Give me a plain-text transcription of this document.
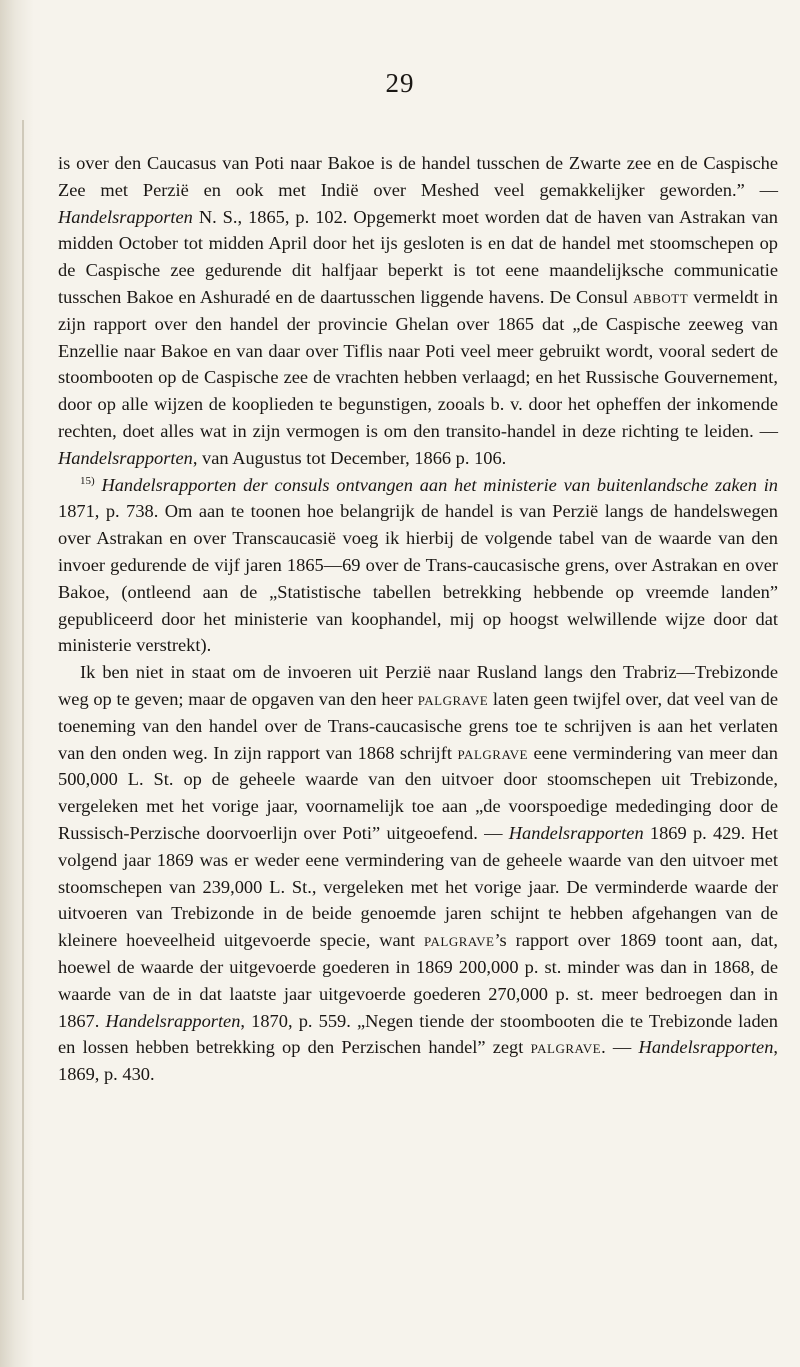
29

is over den Caucasus van Poti naar Bakoe is de handel tusschen de Zwarte zee en de Caspische Zee met Perzië en ook met Indië over Meshed veel gemakkelijker geworden.” — Handelsrapporten N. S., 1865, p. 102. Opgemerkt moet worden dat de haven van Astrakan van midden October tot midden April door het ijs gesloten is en dat de handel met stoomschepen op de Caspische zee gedurende dit halfjaar beperkt is tot eene maandelijksche communicatie tusschen Bakoe en Ashuradé en de daartusschen liggende havens. De Consul abbott vermeldt in zijn rapport over den handel der provincie Ghelan over 1865 dat „de Caspische zeeweg van Enzellie naar Bakoe en van daar over Tiflis naar Poti veel meer gebruikt wordt, vooral sedert de stoombooten op de Caspische zee de vrachten hebben verlaagd; en het Russische Gouvernement, door op alle wijzen de kooplieden te begunstigen, zooals b. v. door het opheffen der inkomende rechten, doet alles wat in zijn vermogen is om den transito-handel in deze richting te leiden. — Handelsrapporten, van Augustus tot December, 1866 p. 106.

$^{15)}$ Handelsrapporten der consuls ontvangen aan het ministerie van buitenlandsche zaken in 1871, p. 738. Om aan te toonen hoe belangrijk de handel is van Perzië langs de handelswegen over Astrakan en over Transcaucasië voeg ik hierbij de volgende tabel van de waarde van den invoer gedurende de vijf jaren 1865—69 over de Trans-caucasische grens, over Astrakan en over Bakoe, (ontleend aan de „Statistische tabellen betrekking hebbende op vreemde landen” gepubliceerd door het ministerie van koophandel, mij op hoogst welwillende wijze door dat ministerie verstrekt).

Ik ben niet in staat om de invoeren uit Perzië naar Rusland langs den Trabriz—Trebizonde weg op te geven; maar de opgaven van den heer palgrave laten geen twijfel over, dat veel van de toeneming van den handel over de Trans-caucasische grens toe te schrijven is aan het verlaten van den onden weg. In zijn rapport van 1868 schrijft palgrave eene vermindering van meer dan 500,000 L. St. op de geheele waarde van den uitvoer door stoomschepen uit Trebizonde, vergeleken met het vorige jaar, voornamelijk toe aan „de voorspoedige mededinging door de Russisch-Perzische doorvoerlijn over Poti” uitgeoefend. — Handelsrapporten 1869 p. 429. Het volgend jaar 1869 was er weder eene vermindering van de geheele waarde van den uitvoer met stoomschepen van 239,000 L. St., vergeleken met het vorige jaar. De verminderde waarde der uitvoeren van Trebizonde in de beide genoemde jaren schijnt te hebben afgehangen van de kleinere hoeveelheid uitgevoerde specie, want palgrave’s rapport over 1869 toont aan, dat, hoewel de waarde der uitgevoerde goederen in 1869 200,000 p. st. minder was dan in 1868, de waarde van de in dat laatste jaar uitgevoerde goederen 270,000 p. st. meer bedroegen dan in 1867. Handelsrapporten, 1870, p. 559. „Negen tiende der stoombooten die te Trebizonde laden en lossen hebben betrekking op den Perzischen handel” zegt palgrave. — Handelsrapporten, 1869, p. 430.
